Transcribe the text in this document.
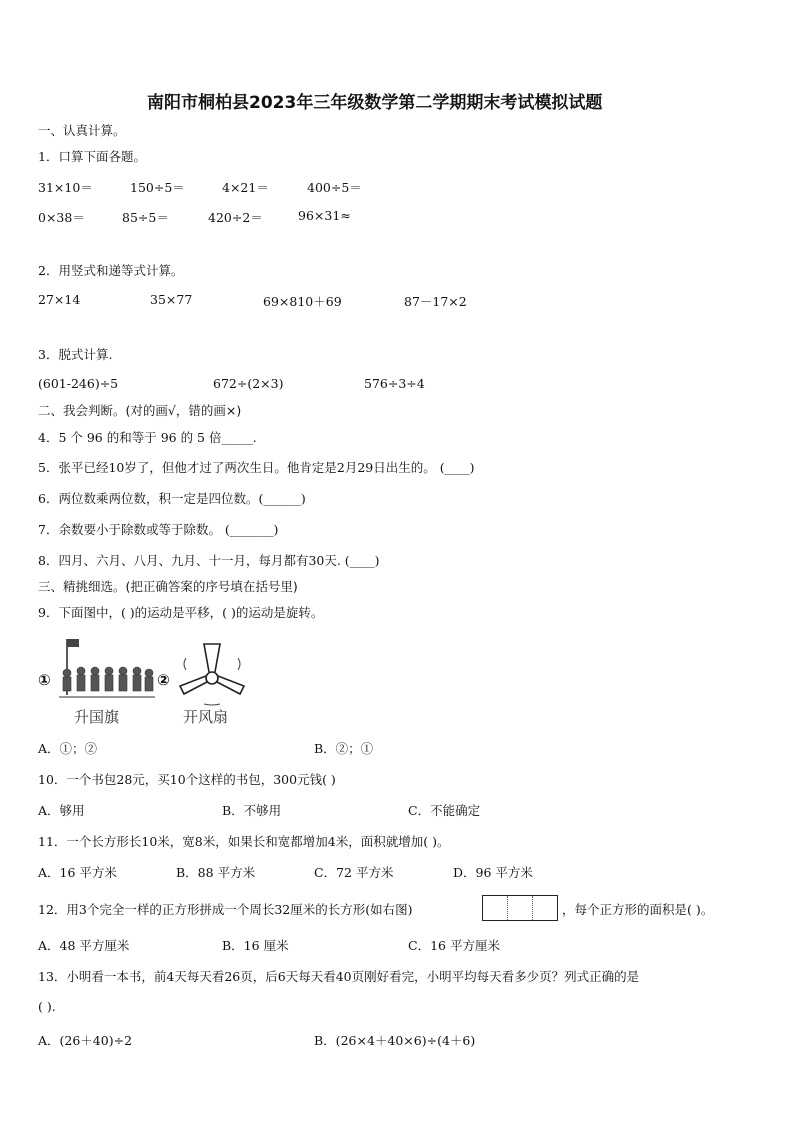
南阳市桐柏县2023年三年级数学第二学期期末考试模拟试题
一、认真计算。
1．口算下面各题。
31×10＝	150÷5＝	4×21＝	400÷5＝
0×38＝	85÷5＝	420÷2＝	96×31≈
2．用竖式和递等式计算。
27×14	35×77	69×810＋69	87－17×2
3．脱式计算.
(601-246)÷5	672÷(2×3)	576÷3÷4
二、我会判断。(对的画√，错的画×)
4．5 个 96 的和等于 96 的 5 倍_____.
5．张平已经10岁了，但他才过了两次生日。他肯定是2月29日出生的。 (____)
6．两位数乘两位数，积一定是四位数。(______)
7．余数要小于除数或等于除数。 (_______)
8．四月、六月、八月、九月、十一月，每月都有30天. (____)
三、精挑细选。(把正确答案的序号填在括号里)
9．下面图中，( )的运动是平移，( )的运动是旋转。
①
升国旗
②
开风扇
A．①；②	B．②；①
10．一个书包28元，买10个这样的书包，300元钱( )
A．够用	B．不够用	C．不能确定
11．一个长方形长10米，宽8米，如果长和宽都增加4米，面积就增加( )。
A．16 平方米	B．88 平方米	C．72 平方米	D．96 平方米
12．用3个完全一样的正方形拼成一个周长32厘米的长方形(如右图)	，每个正方形的面积是( )。
A．48 平方厘米	B．16 厘米	C．16 平方厘米
13．小明看一本书，前4天每天看26页，后6天每天看40页刚好看完，小明平均每天看多少页？列式正确的是
( ).
A．(26＋40)÷2	B．(26×4＋40×6)÷(4＋6)
